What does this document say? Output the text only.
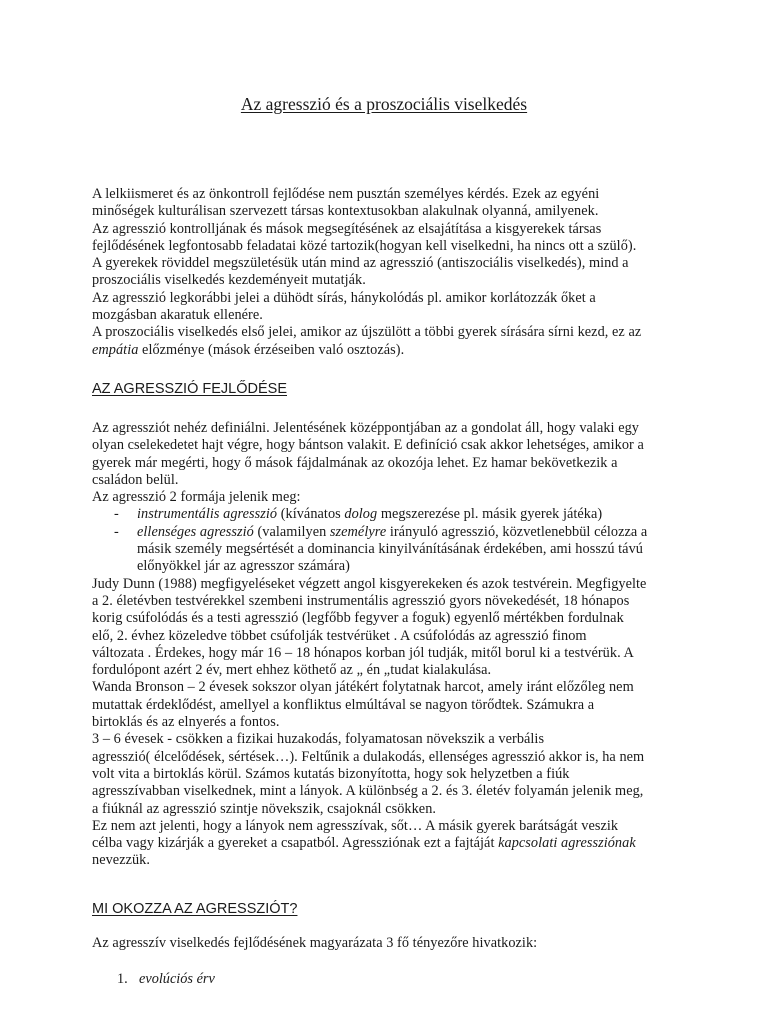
Az agresszió és a proszociális viselkedés
A lelkiismeret és az önkontroll fejlődése nem pusztán személyes kérdés. Ezek az egyéni
minőségek kulturálisan szervezett társas kontextusokban alakulnak olyanná, amilyenek.
Az agresszió kontrolljának és mások megsegítésének az elsajátítása a kisgyerekek társas
fejlődésének legfontosabb feladatai közé tartozik(hogyan kell viselkedni, ha nincs ott a szülő).
A gyerekek röviddel megszületésük után mind az agresszió (antiszociális viselkedés), mind a
proszociális viselkedés kezdeményeit mutatják.
Az agresszió legkorábbi jelei a dühödt sírás, hánykolódás pl. amikor korlátozzák őket a
mozgásban akaratuk ellenére.
A proszociális viselkedés első jelei, amikor az újszülött a többi gyerek sírására sírni kezd, ez az
empátia előzménye (mások érzéseiben való osztozás).
AZ AGRESSZIÓ FEJLŐDÉSE
Az agressziót nehéz definiálni. Jelentésének középpontjában az a gondolat áll, hogy valaki egy
olyan cselekedetet hajt végre, hogy bántson valakit. E definíció csak akkor lehetséges, amikor a
gyerek már megérti, hogy ő mások fájdalmának az okozója lehet. Ez hamar bekövetkezik a
családon belül.
Az agresszió 2 formája jelenik meg:
- instrumentális agresszió (kívánatos dolog megszerezése pl. másik gyerek játéka)
- ellenséges agresszió (valamilyen személyre irányuló agresszió, közvetlenebbül célozza a
másik személy megsértését a dominancia kinyilvánításának érdekében, ami hosszú távú
előnyökkel jár az agresszor számára)
Judy Dunn (1988) megfigyeléseket végzett angol kisgyerekeken és azok testvérein. Megfigyelte
a 2. életévben testvérekkel szembeni instrumentális agresszió gyors növekedését, 18 hónapos
korig csúfolódás és a testi agresszió (legfőbb fegyver a foguk) egyenlő mértékben fordulnak
elő, 2. évhez közeledve többet csúfolják testvérüket . A csúfolódás az agresszió finom
változata . Érdekes, hogy már 16 – 18 hónapos korban jól tudják, mitől borul ki a testvérük. A
fordulópont azért 2 év, mert ehhez köthető az „ én „tudat kialakulása.
Wanda Bronson – 2 évesek sokszor olyan játékért folytatnak harcot, amely iránt előzőleg nem
mutattak érdeklődést, amellyel a konfliktus elmúltával se nagyon törődtek. Számukra a
birtoklás és az elnyerés a fontos.
3 – 6 évesek - csökken a fizikai huzakodás, folyamatosan növekszik a verbális
agresszió( élcelődések, sértések…). Feltűnik a dulakodás, ellenséges agresszió akkor is, ha nem
volt vita a birtoklás körül. Számos kutatás bizonyította, hogy sok helyzetben a fiúk
agresszívabban viselkednek, mint a lányok. A különbség a 2. és 3. életév folyamán jelenik meg,
a fiúknál az agresszió szintje növekszik, csajoknál csökken.
Ez nem azt jelenti, hogy a lányok nem agresszívak, sőt… A másik gyerek barátságát veszik
célba vagy kizárják a gyereket a csapatból. Agressziónak ezt a fajtáját kapcsolati agressziónak
nevezzük.
MI OKOZZA AZ AGRESSZIÓT?
Az agresszív viselkedés fejlődésének magyarázata 3 fő tényezőre hivatkozik:
1. evolúciós érv
